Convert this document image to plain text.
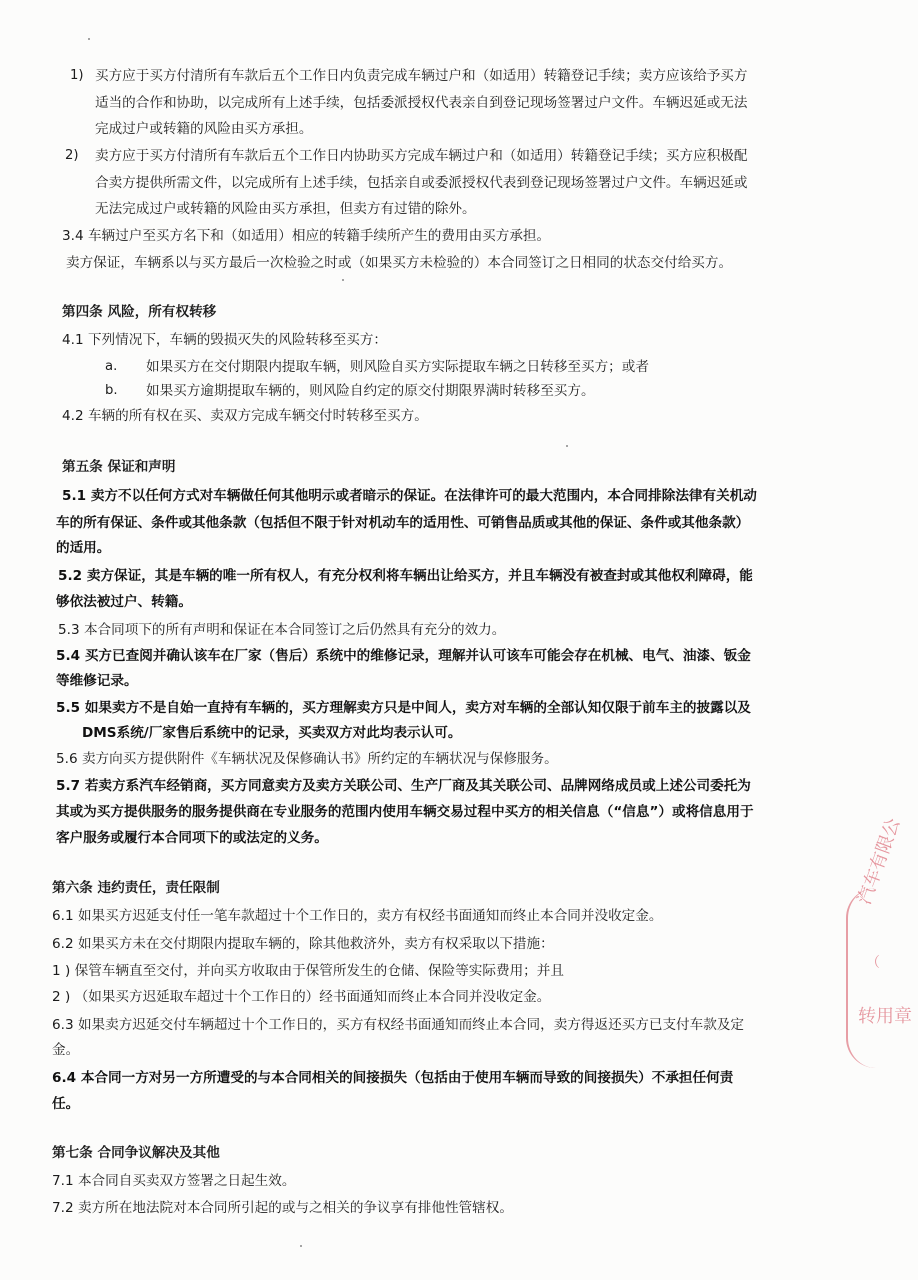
1) 买方应于买方付清所有车款后五个工作日内负责完成车辆过户和（如适用）转籍登记手续；卖方应该给予买方
适当的合作和协助，以完成所有上述手续，包括委派授权代表亲自到登记现场签署过户文件。车辆迟延或无法
完成过户或转籍的风险由买方承担。
2) 卖方应于买方付清所有车款后五个工作日内协助买方完成车辆过户和（如适用）转籍登记手续；买方应积极配
合卖方提供所需文件，以完成所有上述手续，包括亲自或委派授权代表到登记现场签署过户文件。车辆迟延或
无法完成过户或转籍的风险由买方承担，但卖方有过错的除外。
3.4 车辆过户至买方名下和（如适用）相应的转籍手续所产生的费用由买方承担。
卖方保证，车辆系以与买方最后一次检验之时或（如果买方未检验的）本合同签订之日相同的状态交付给买方。
第四条 风险，所有权转移
4.1 下列情况下，车辆的毁损灭失的风险转移至买方：
a. 如果买方在交付期限内提取车辆，则风险自买方实际提取车辆之日转移至买方；或者
b. 如果买方逾期提取车辆的，则风险自约定的原交付期限界满时转移至买方。
4.2 车辆的所有权在买、卖双方完成车辆交付时转移至买方。
第五条 保证和声明
5.1 卖方不以任何方式对车辆做任何其他明示或者暗示的保证。在法律许可的最大范围内，本合同排除法律有关机动
车的所有保证、条件或其他条款（包括但不限于针对机动车的适用性、可销售品质或其他的保证、条件或其他条款）
的适用。
5.2 卖方保证，其是车辆的唯一所有权人，有充分权利将车辆出让给买方，并且车辆没有被查封或其他权利障碍，能
够依法被过户、转籍。
5.3 本合同项下的所有声明和保证在本合同签订之后仍然具有充分的效力。
5.4 买方已查阅并确认该车在厂家（售后）系统中的维修记录，理解并认可该车可能会存在机械、电气、油漆、钣金
等维修记录。
5.5 如果卖方不是自始一直持有车辆的，买方理解卖方只是中间人，卖方对车辆的全部认知仅限于前车主的披露以及
DMS系统/厂家售后系统中的记录，买卖双方对此均表示认可。
5.6 卖方向买方提供附件《车辆状况及保修确认书》所约定的车辆状况与保修服务。
5.7 若卖方系汽车经销商，买方同意卖方及卖方关联公司、生产厂商及其关联公司、品牌网络成员或上述公司委托为
其或为买方提供服务的服务提供商在专业服务的范围内使用车辆交易过程中买方的相关信息（“信息”）或将信息用于
客户服务或履行本合同项下的或法定的义务。
第六条 违约责任，责任限制
6.1 如果买方迟延支付任一笔车款超过十个工作日的，卖方有权经书面通知而终止本合同并没收定金。
6.2 如果买方未在交付期限内提取车辆的，除其他救济外，卖方有权采取以下措施：
1 ) 保管车辆直至交付，并向买方收取由于保管所发生的仓储、保险等实际费用；并且
2 ) （如果买方迟延取车超过十个工作日的）经书面通知而终止本合同并没收定金。
6.3 如果卖方迟延交付车辆超过十个工作日的，买方有权经书面通知而终止本合同，卖方得返还买方已支付车款及定
金。
6.4 本合同一方对另一方所遭受的与本合同相关的间接损失（包括由于使用车辆而导致的间接损失）不承担任何责
任。
第七条 合同争议解决及其他
7.1 本合同自买卖双方签署之日起生效。
7.2 卖方所在地法院对本合同所引起的或与之相关的争议享有排他性管辖权。
汽车有限公
（
转用章
